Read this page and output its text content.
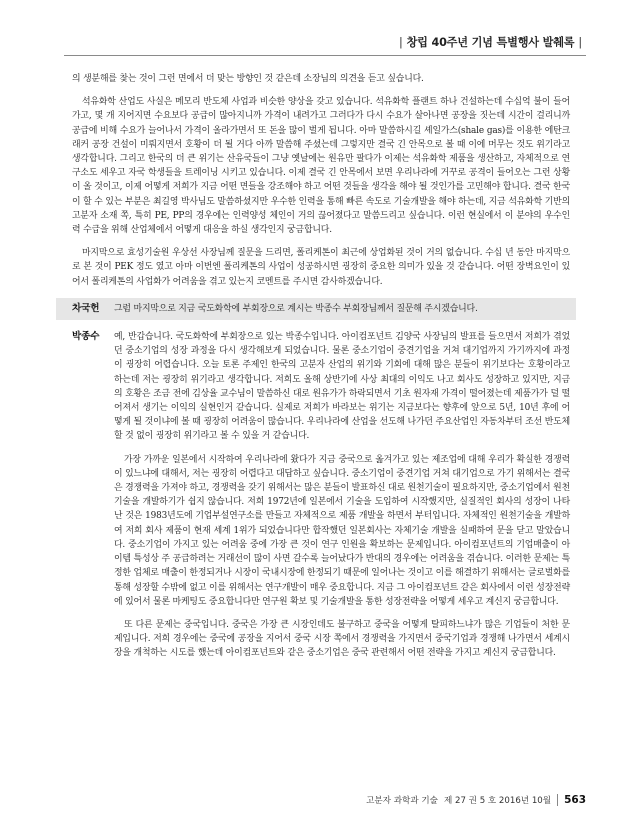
| 창립 40주년 기념 특별행사 발췌록 |

의 생분해를 찾는 것이 그런 면에서 더 맞는 방향인 것 같은데 소장님의 의견을 듣고 싶습니다.

석유화학 산업도 사실은 메모리 반도체 사업과 비슷한 양상을 갖고 있습니다. 석유화학 플랜트 하나 건설하는데 수십억 불이 들어가고, 몇 개 지어지면 수요보다 공급이 많아지니까 가격이 내려가고 그러다가 다시 수요가 살아나면 공장을 짓는데 시간이 걸리니까 공급에 비해 수요가 늘어나서 가격이 올라가면서 또 돈을 많이 벌게 됩니다. 아마 말씀하시길 셰일가스(shale gas)를 이용한 에탄크래커 공장 건설이 미뤄지면서 호황이 더 될 거다 아까 말씀해 주셨는데 그렇지만 결국 긴 안목으로 볼 때 이에 머무는 것도 위기라고 생각합니다. 그리고 한국의 더 큰 위기는 산유국들이 그냥 옛날에는 원유만 팔다가 이제는 석유화학 제품을 생산하고, 자체적으로 연구소도 세우고 자국 학생들을 트레이닝 시키고 있습니다. 이제 결국 긴 안목에서 보면 우리나라에 거꾸로 공격이 들어오는 그런 상황이 올 것이고, 이제 어떻게 저희가 지금 어떤 면들을 강조해야 하고 어떤 것들을 생각을 해야 될 것인가를 고민해야 합니다. 결국 한국이 할 수 있는 부분은 최길영 박사님도 말씀하셨지만 우수한 인력을 통해 빠른 속도로 기술개발을 해야 하는데, 지금 석유화학 기반의 고분자 소재 쪽, 특히 PE, PP의 경우에는 인력양성 체인이 거의 끊어졌다고 말씀드리고 싶습니다. 이런 현실에서 이 분야의 우수인력 수급을 위해 산업체에서 어떻게 대응을 하실 생각인지 궁금합니다.

마지막으로 효성기술원 우상선 사장님께 질문을 드리면, 폴리케톤이 최근에 상업화된 것이 거의 없습니다. 수십 년 동안 마지막으로 본 것이 PEK 정도 였고 아마 이번엔 폴리케톤의 사업이 성공하시면 굉장히 중요한 의미가 있을 것 같습니다. 어떤 장벽요인이 있어서 폴리케톤의 사업화가 어려움을 겪고 있는지 코멘트를 주시면 감사하겠습니다.

차국헌	그럼 마지막으로 지금 국도화학에 부회장으로 계시는 박종수 부회장님께서 질문해 주시겠습니다.
박종수	예, 반갑습니다. 국도화학에 부회장으로 있는 박종수입니다. 아이컴포넌트 김양국 사장님의 발표를 들으면서 저희가 겪었던 중소기업의 성장 과정을 다시 생각해보게 되었습니다. 물론 중소기업이 중견기업을 거쳐 대기업까지 가기까지에 과정이 굉장히 어렵습니다. 오늘 토론 주제인 한국의 고분자 산업의 위기와 기회에 대해 많은 분들이 위기보다는 호황이라고 하는데 저는 굉장히 위기라고 생각합니다. 저희도 올해 상반기에 사상 최대의 이익도 나고 회사도 성장하고 있지만, 지금의 호황은 조금 전에 김상율 교수님이 말씀하신 대로 원유가가 하락되면서 기초 원자재 가격이 떨어졌는데 제품가가 덜 떨어져서 생기는 이익의 실현인거 같습니다. 실제로 저희가 바라보는 위기는 지금보다는 향후에 앞으로 5년, 10년 후에 어떻게 될 것이냐에 볼 때 굉장히 어려움이 많습니다. 우리나라에 산업을 선도해 나가던 주요산업인 자동차부터 조선 반도체 할 것 없이 굉장히 위기라고 볼 수 있을 거 같습니다.

가장 가까운 일본에서 시작하여 우리나라에 왔다가 지금 중국으로 옮겨가고 있는 제조업에 대해 우리가 확실한 경쟁력이 있느냐에 대해서, 저는 굉장히 어렵다고 대답하고 싶습니다. 중소기업이 중견기업 거쳐 대기업으로 가기 위해서는 결국은 경쟁력을 가져야 하고, 경쟁력을 갖기 위해서는 많은 분들이 발표하신 대로 원천기술이 필요하지만, 중소기업에서 원천기술을 개발하기가 쉽지 않습니다. 저희 1972년에 일본에서 기술을 도입하여 시작했지만, 실질적인 회사의 성장이 나타난 것은 1983년도에 기업부설연구소를 만들고 자체적으로 제품 개발을 하면서 부터입니다. 자체적인 원천기술을 개발하여 저희 회사 제품이 현재 세계 1위가 되었습니다만 합작했던 일본회사는 자체기술 개발을 실패하여 문을 닫고 말았습니다. 중소기업이 가지고 있는 어려움 중에 가장 큰 것이 연구 인원을 확보하는 문제입니다. 아이컴포넌트의 기업매출이 아이템 특성상 주 공급하려는 거래선이 많이 사면 갈수록 늘어났다가 반대의 경우에는 어려움을 겪습니다. 이러한 문제는 특정한 업체로 매출이 한정되거나 시장이 국내시장에 한정되기 때문에 일어나는 것이고 이를 해결하기 위해서는 글로벌화를 통해 성장할 수밖에 없고 이를 위해서는 연구개발이 매우 중요합니다. 지금 그 아이컴포넌트 같은 회사에서 이런 성장전략에 있어서 물론 마케팅도 중요합니다만 연구원 확보 및 기술개발을 통한 성장전략을 어떻게 세우고 계신지 궁금합니다.

또 다른 문제는 중국입니다. 중국은 가장 큰 시장인데도 불구하고 중국을 어떻게 탈피하느냐가 많은 기업들이 처한 문제입니다. 저희 경우에는 중국에 공장을 지어서 중국 시장 쪽에서 경쟁력을 가지면서 중국기업과 경쟁해 나가면서 세계시장을 개척하는 시도를 했는데 아이컴포넌트와 같은 중소기업은 중국 관련해서 어떤 전략을 가지고 계신지 궁금합니다.

고분자 과학과 기술 제 27 권 5 호 2016년 10월 563
